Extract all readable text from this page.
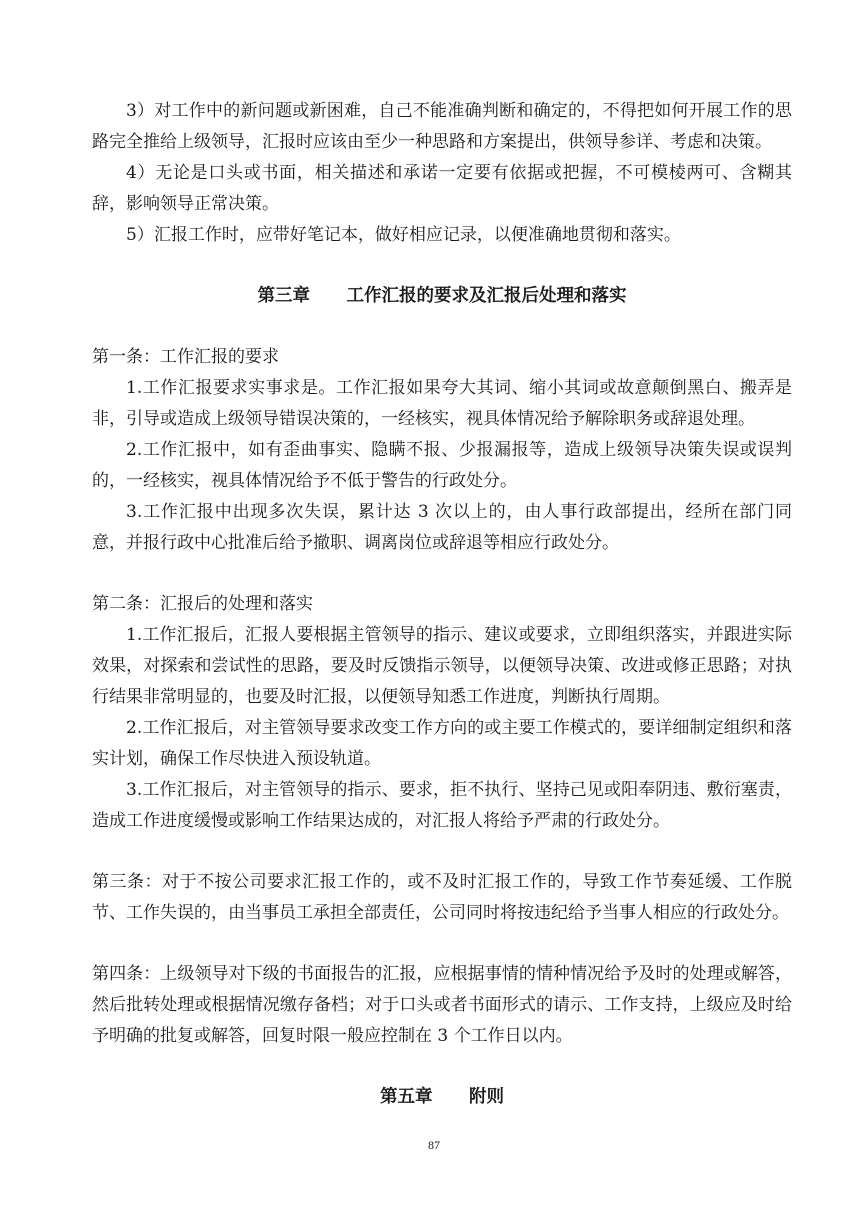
3）对工作中的新问题或新困难，自己不能准确判断和确定的，不得把如何开展工作的思路完全推给上级领导，汇报时应该由至少一种思路和方案提出，供领导参详、考虑和决策。

4）无论是口头或书面，相关描述和承诺一定要有依据或把握，不可模棱两可、含糊其辞，影响领导正常决策。

5）汇报工作时，应带好笔记本，做好相应记录，以便准确地贯彻和落实。

第三章      工作汇报的要求及汇报后处理和落实

第一条：工作汇报的要求

1.工作汇报要求实事求是。工作汇报如果夸大其词、缩小其词或故意颠倒黑白、搬弄是非，引导或造成上级领导错误决策的，一经核实，视具体情况给予解除职务或辞退处理。

2.工作汇报中，如有歪曲事实、隐瞒不报、少报漏报等，造成上级领导决策失误或误判的，一经核实，视具体情况给予不低于警告的行政处分。

3.工作汇报中出现多次失误，累计达 3 次以上的，由人事行政部提出，经所在部门同意，并报行政中心批准后给予撤职、调离岗位或辞退等相应行政处分。

第二条：汇报后的处理和落实

1.工作汇报后，汇报人要根据主管领导的指示、建议或要求，立即组织落实，并跟进实际效果，对探索和尝试性的思路，要及时反馈指示领导，以便领导决策、改进或修正思路；对执行结果非常明显的，也要及时汇报，以便领导知悉工作进度，判断执行周期。

2.工作汇报后，对主管领导要求改变工作方向的或主要工作模式的，要详细制定组织和落实计划，确保工作尽快进入预设轨道。

3.工作汇报后，对主管领导的指示、要求，拒不执行、坚持己见或阳奉阴违、敷衍塞责，造成工作进度缓慢或影响工作结果达成的，对汇报人将给予严肃的行政处分。

第三条：对于不按公司要求汇报工作的，或不及时汇报工作的，导致工作节奏延缓、工作脱节、工作失误的，由当事员工承担全部责任，公司同时将按违纪给予当事人相应的行政处分。

第四条：上级领导对下级的书面报告的汇报，应根据事情的情种情况给予及时的处理或解答，然后批转处理或根据情况缴存备档；对于口头或者书面形式的请示、工作支持，上级应及时给予明确的批复或解答，回复时限一般应控制在 3 个工作日以内。

第五章      附则

87
